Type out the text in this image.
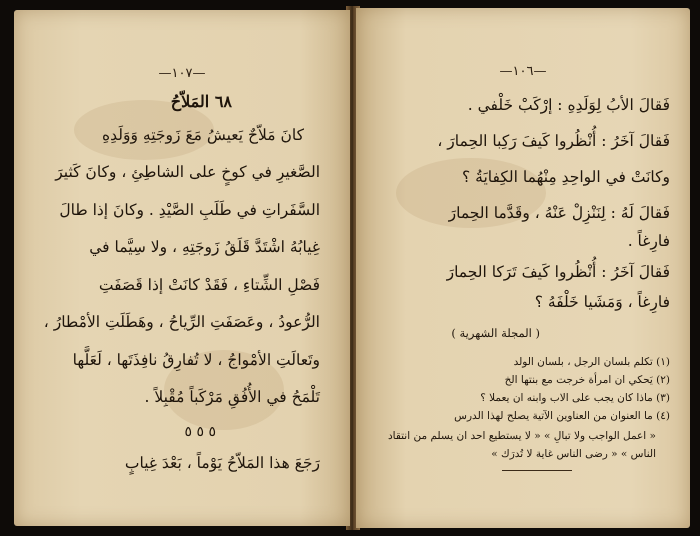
—١٠٧—
٦٨ المَلاّحُ
كانَ مَلاّحٌ يَعيشُ مَعَ زَوجَتِهِ وَوَلَدِهِ
الصَّغيرِ في كوخٍ على الشاطِئِ ، وكانَ كَثيرَ
السَّفَراتِ في طَلَبِ الصَّيْدِ . وكانَ إذا طالَ
غِيابُهُ اشْتَدَّ قَلَقُ زَوجَتِهِ ، ولا سِيَّما في
فَصْلِ الشِّتاءِ ، فَقَدْ كانَتْ إذا قَصَفَتِ
الرُّعودُ ، وعَصَفَتِ الرِّياحُ ، وهَطَلَتِ الأمْطارُ ،
وتَعالَتِ الأمْواجُ ، لا تُفارِقُ نافِذَتَها ، لَعَلَّها
تَلْمَحُ في الأُفُقِ مَرْكَباً مُقْبِلاً .
٥ ٥ ٥
رَجَعَ هذا المَلاّحُ يَوْماً ، بَعْدَ غِيابٍ
—١٠٦—
فَقالَ الأبُ لِوَلَدِهِ : إرْكَبْ خَلْفي .
فَقالَ آخَرُ : أُنْظُروا كَيفَ رَكِبا الحِمارَ ،
وكانَتْ في الواحِدِ مِنْهُما الكِفايَةُ ؟
فَقالَ لَهُ : لِنَنْزِلْ عَنْهُ ، وقَدَّما الحِمارَ
فارِغاً .
فَقالَ آخَرُ : أُنْظُروا كَيفَ تَرَكا الحِمارَ
فارِغاً ، وَمَشَيا خَلْفَهُ ؟
( المجلة الشهرية )
(١) تكلم بلسان الرجل ، بلسان الولد
(٢) يَحكي ان امرأة خرجت مع بنتها الخ
(٣) ماذا كان يجب على الاب وابنه ان يعملا ؟
(٤) ما العنوان من العناوين الآتية يصلح لهذا الدرس
« اعمل الواجب ولا تبالِ » « لا يستطيع احد ان يسلم من انتقاد
الناس » « رضى الناس غاية لا تُدرَك »
